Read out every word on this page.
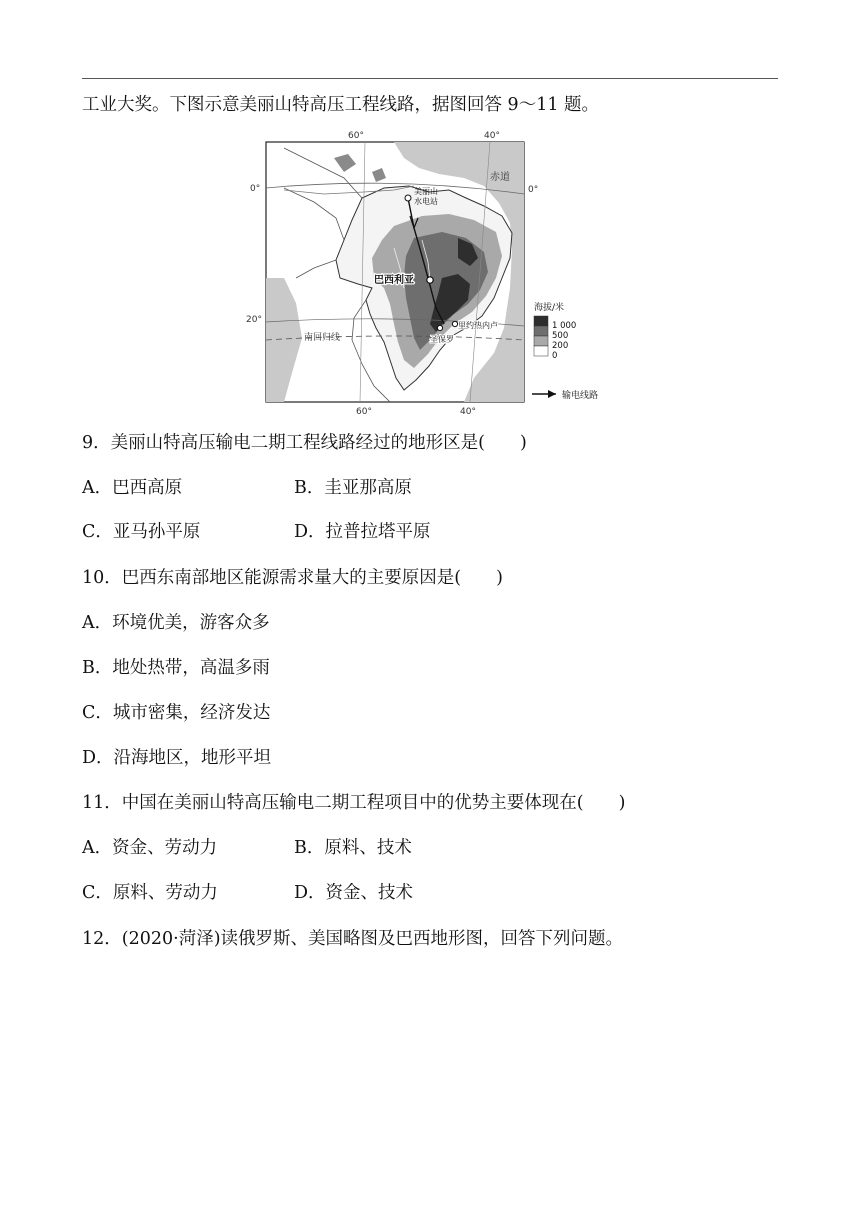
工业大奖。下图示意美丽山特高压工程线路，据图回答 9～11 题。
60°	40°
60°	40°
0°	0°
20°
赤道
南回归线
美丽山
水电站
巴西利亚
里约热内卢
圣保罗
海拔/米
1 000
500
200
0
输电线路
9．美丽山特高压输电二期工程线路经过的地形区是(　　)
A．巴西高原	B．圭亚那高原
C．亚马孙平原	D．拉普拉塔平原
10．巴西东南部地区能源需求量大的主要原因是(　　)
A．环境优美，游客众多
B．地处热带，高温多雨
C．城市密集，经济发达
D．沿海地区，地形平坦
11．中国在美丽山特高压输电二期工程项目中的优势主要体现在(　　)
A．资金、劳动力	B．原料、技术
C．原料、劳动力	D．资金、技术
12．(2020·菏泽)读俄罗斯、美国略图及巴西地形图，回答下列问题。
